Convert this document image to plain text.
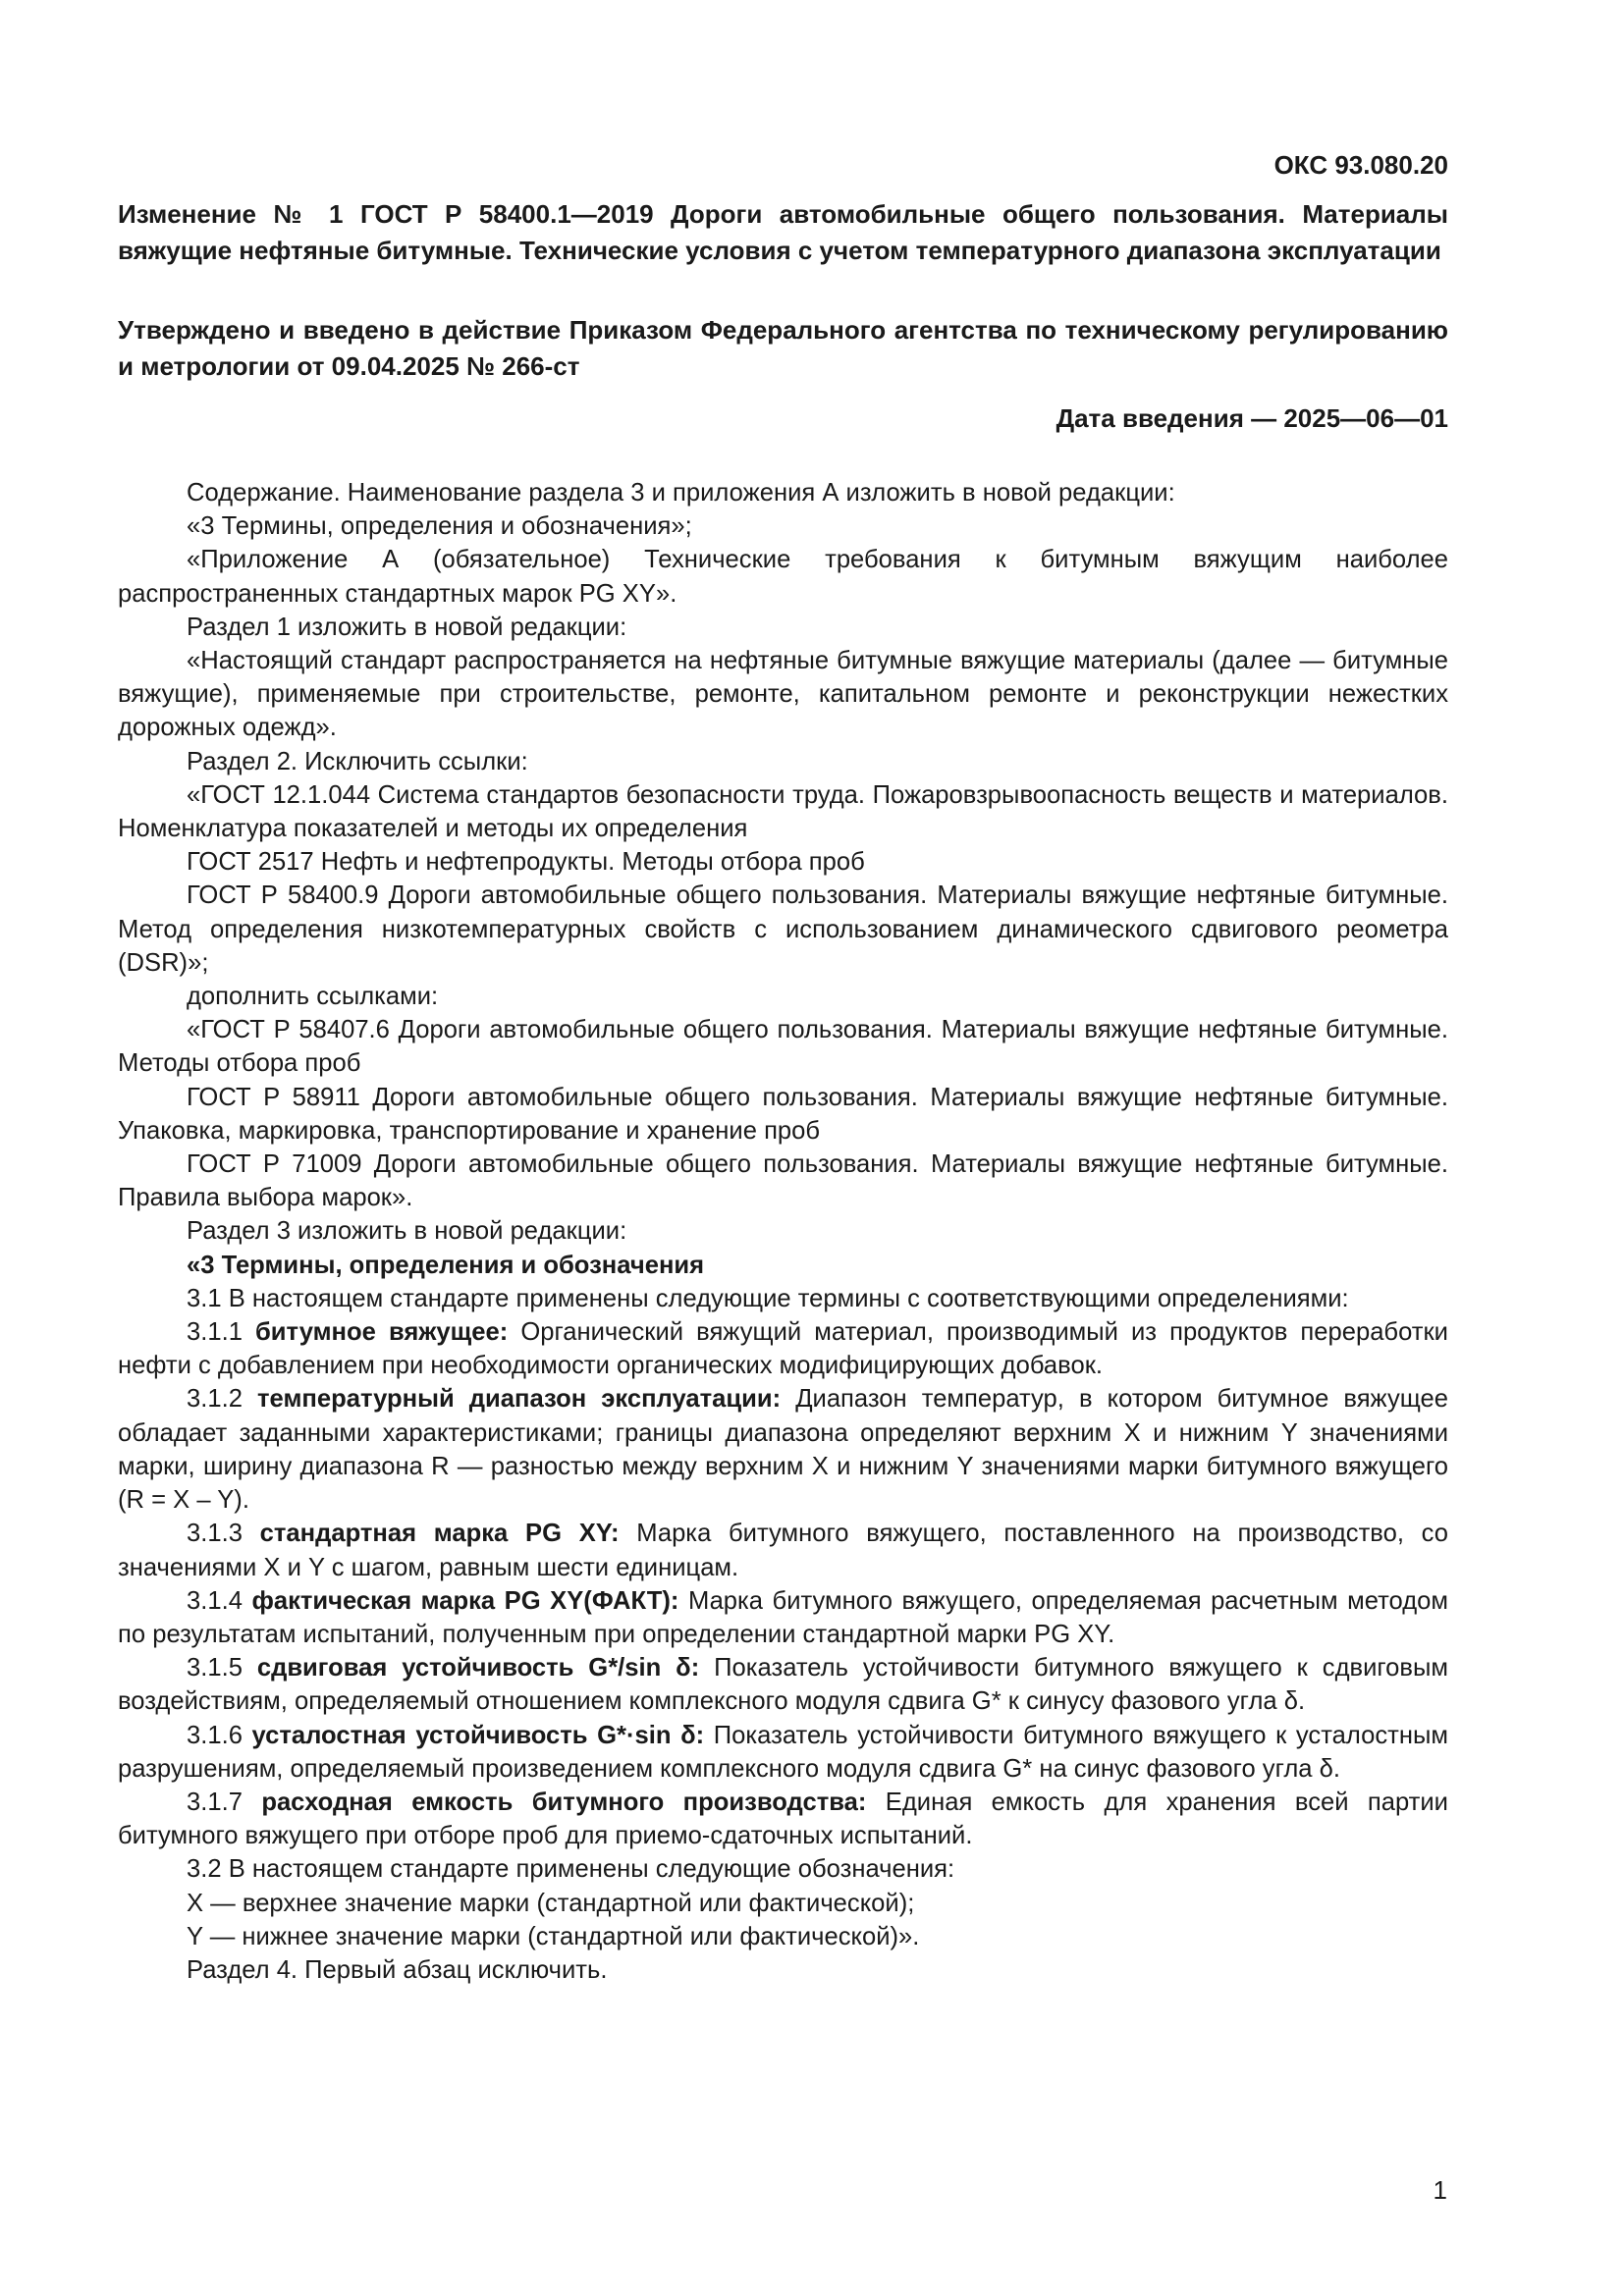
ОКС 93.080.20
Изменение № 1 ГОСТ Р 58400.1—2019 Дороги автомобильные общего пользования. Материалы вяжущие нефтяные битумные. Технические условия с учетом температурного диапазона эксплуатации
Утверждено и введено в действие Приказом Федерального агентства по техническому регулированию и метрологии от 09.04.2025 № 266-ст
Дата введения — 2025—06—01

Содержание. Наименование раздела 3 и приложения А изложить в новой редакции:

«3 Термины, определения и обозначения»;

«Приложение А (обязательное) Технические требования к битумным вяжущим наиболее распространенных стандартных марок PG XY».

Раздел 1 изложить в новой редакции:

«Настоящий стандарт распространяется на нефтяные битумные вяжущие материалы (далее — битумные вяжущие), применяемые при строительстве, ремонте, капитальном ремонте и реконструкции нежестких дорожных одежд».

Раздел 2. Исключить ссылки:

«ГОСТ 12.1.044 Система стандартов безопасности труда. Пожаровзрывоопасность веществ и материалов. Номенклатура показателей и методы их определения

ГОСТ 2517 Нефть и нефтепродукты. Методы отбора проб

ГОСТ Р 58400.9 Дороги автомобильные общего пользования. Материалы вяжущие нефтяные битумные. Метод определения низкотемпературных свойств с использованием динамического сдвигового реометра (DSR)»;

дополнить ссылками:

«ГОСТ Р 58407.6 Дороги автомобильные общего пользования. Материалы вяжущие нефтяные битумные. Методы отбора проб

ГОСТ Р 58911 Дороги автомобильные общего пользования. Материалы вяжущие нефтяные битумные. Упаковка, маркировка, транспортирование и хранение проб

ГОСТ Р 71009 Дороги автомобильные общего пользования. Материалы вяжущие нефтяные битумные. Правила выбора марок».

Раздел 3 изложить в новой редакции:

«3 Термины, определения и обозначения

3.1 В настоящем стандарте применены следующие термины с соответствующими определениями:

3.1.1 битумное вяжущее: Органический вяжущий материал, производимый из продуктов переработки нефти с добавлением при необходимости органических модифицирующих добавок.

3.1.2 температурный диапазон эксплуатации: Диапазон температур, в котором битумное вяжущее обладает заданными характеристиками; границы диапазона определяют верхним X и нижним Y значениями марки, ширину диапазона R — разностью между верхним X и нижним Y значениями марки битумного вяжущего (R = X – Y).

3.1.3 стандартная марка PG XY: Марка битумного вяжущего, поставленного на производство, со значениями X и Y с шагом, равным шести единицам.

3.1.4 фактическая марка PG XY(ФАКТ): Марка битумного вяжущего, определяемая расчетным методом по результатам испытаний, полученным при определении стандартной марки PG XY.

3.1.5 сдвиговая устойчивость G*/sin δ: Показатель устойчивости битумного вяжущего к сдвиговым воздействиям, определяемый отношением комплексного модуля сдвига G* к синусу фазового угла δ.

3.1.6 усталостная устойчивость G*·sin δ: Показатель устойчивости битумного вяжущего к усталостным разрушениям, определяемый произведением комплексного модуля сдвига G* на синус фазового угла δ.

3.1.7 расходная емкость битумного производства: Единая емкость для хранения всей партии битумного вяжущего при отборе проб для приемо-сдаточных испытаний.

3.2 В настоящем стандарте применены следующие обозначения:

X — верхнее значение марки (стандартной или фактической);

Y — нижнее значение марки (стандартной или фактической)».

Раздел 4. Первый абзац исключить.

1
